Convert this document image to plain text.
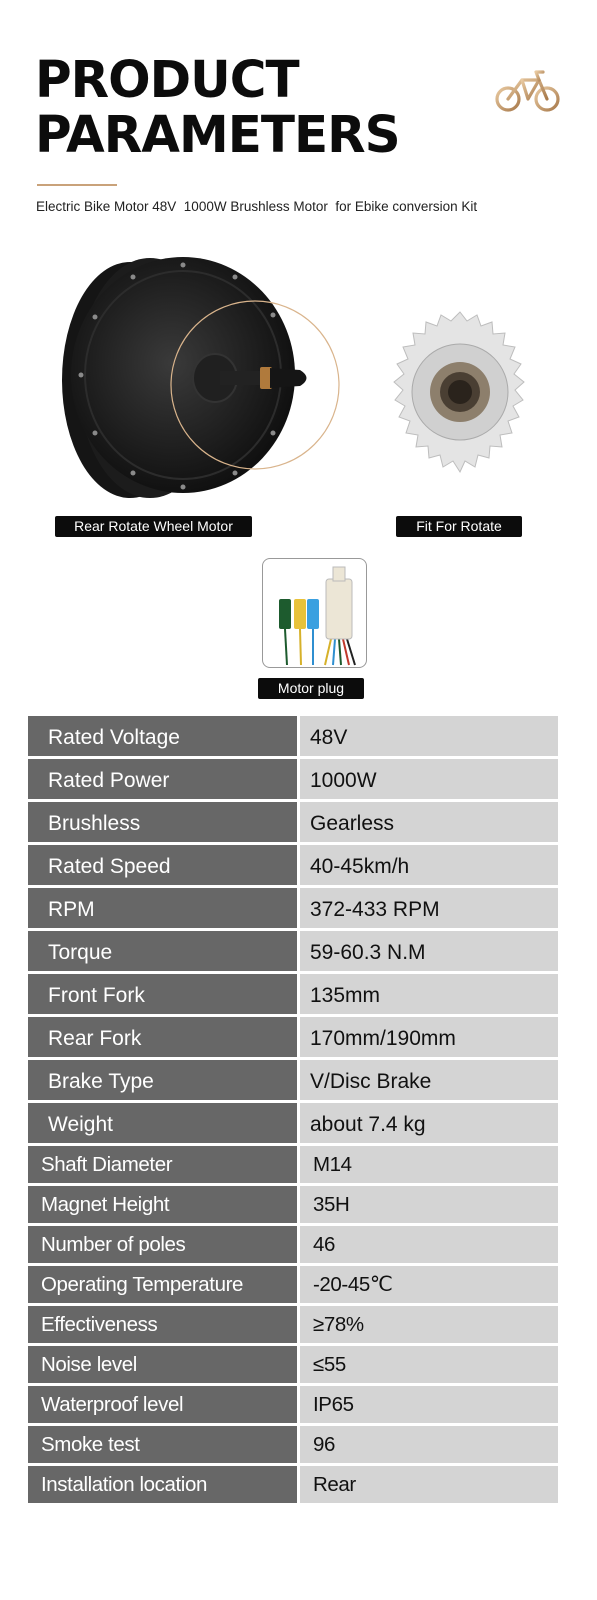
PRODUCT
PARAMETERS
Electric Bike Motor 48V  1000W Brushless Motor  for Ebike conversion Kit
Rear Rotate Wheel Motor	Fit For Rotate
Motor plug
Rated Voltage	48V
Rated Power	1000W
Brushless	Gearless
Rated Speed	40-45km/h
RPM	372-433 RPM
Torque	59-60.3 N.M
Front Fork	135mm
Rear Fork	170mm/190mm
Brake Type	V/Disc Brake
Weight	about 7.4 kg
Shaft Diameter	M14
Magnet Height	35H
Number of poles	46
Operating Temperature	-20-45℃
Effectiveness	≥78%
Noise level	≤55
Waterproof level	IP65
Smoke test	96
Installation location	Rear
